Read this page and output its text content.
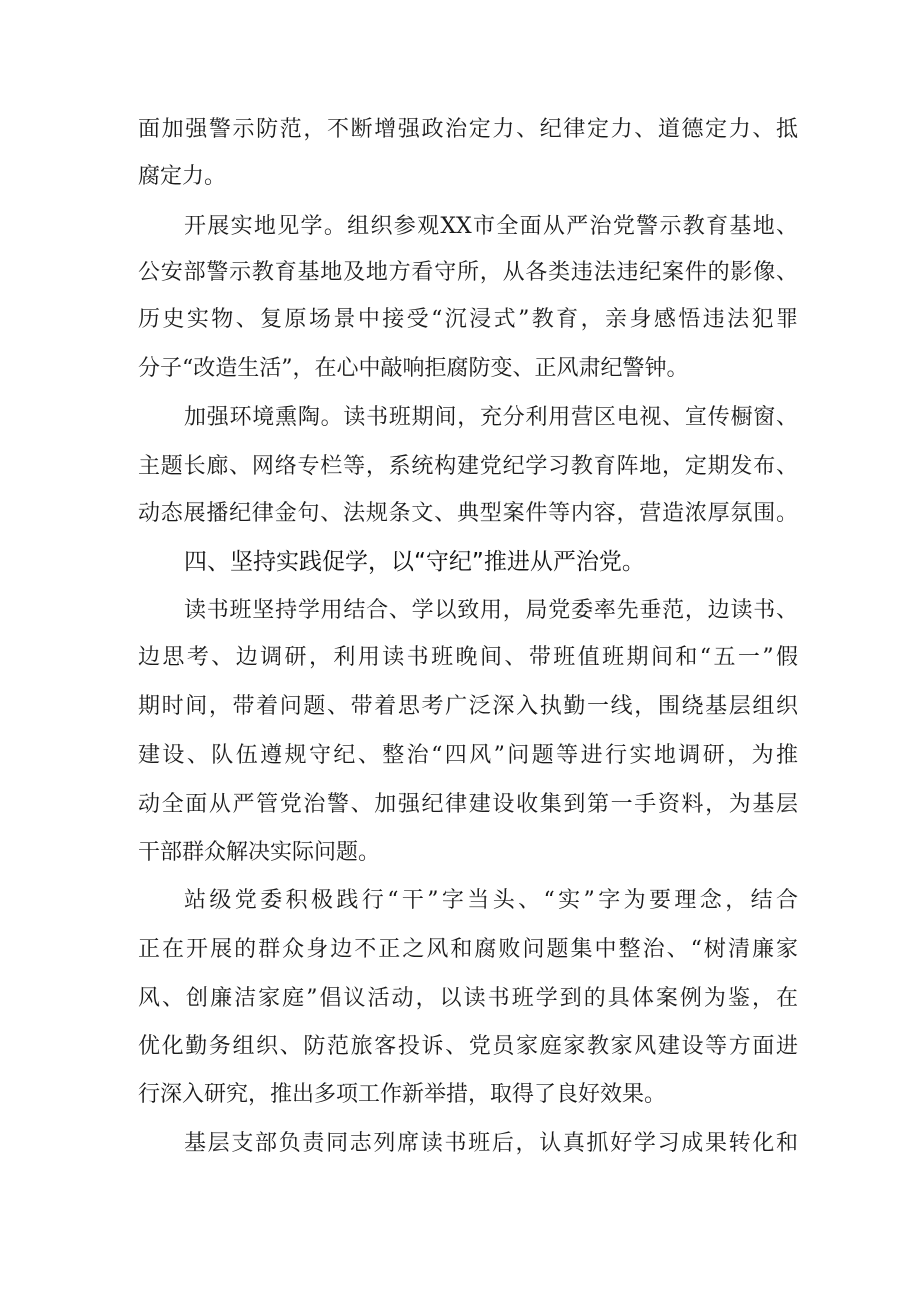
面加强警示防范，不断增强政治定力、纪律定力、道德定力、抵
腐定力。
开展实地见学。组织参观XX市全面从严治党警示教育基地、
公安部警示教育基地及地方看守所，从各类违法违纪案件的影像、
历史实物、复原场景中接受“沉浸式”教育，亲身感悟违法犯罪
分子“改造生活”，在心中敲响拒腐防变、正风肃纪警钟。
加强环境熏陶。读书班期间，充分利用营区电视、宣传橱窗、
主题长廊、网络专栏等，系统构建党纪学习教育阵地，定期发布、
动态展播纪律金句、法规条文、典型案件等内容，营造浓厚氛围。
四、坚持实践促学，以“守纪”推进从严治党。
读书班坚持学用结合、学以致用，局党委率先垂范，边读书、
边思考、边调研，利用读书班晚间、带班值班期间和“五一”假
期时间，带着问题、带着思考广泛深入执勤一线，围绕基层组织
建设、队伍遵规守纪、整治“四风”问题等进行实地调研，为推
动全面从严管党治警、加强纪律建设收集到第一手资料，为基层
干部群众解决实际问题。
站级党委积极践行“干”字当头、“实”字为要理念，结合
正在开展的群众身边不正之风和腐败问题集中整治、“树清廉家
风、创廉洁家庭”倡议活动，以读书班学到的具体案例为鉴，在
优化勤务组织、防范旅客投诉、党员家庭家教家风建设等方面进
行深入研究，推出多项工作新举措，取得了良好效果。
基层支部负责同志列席读书班后，认真抓好学习成果转化和
